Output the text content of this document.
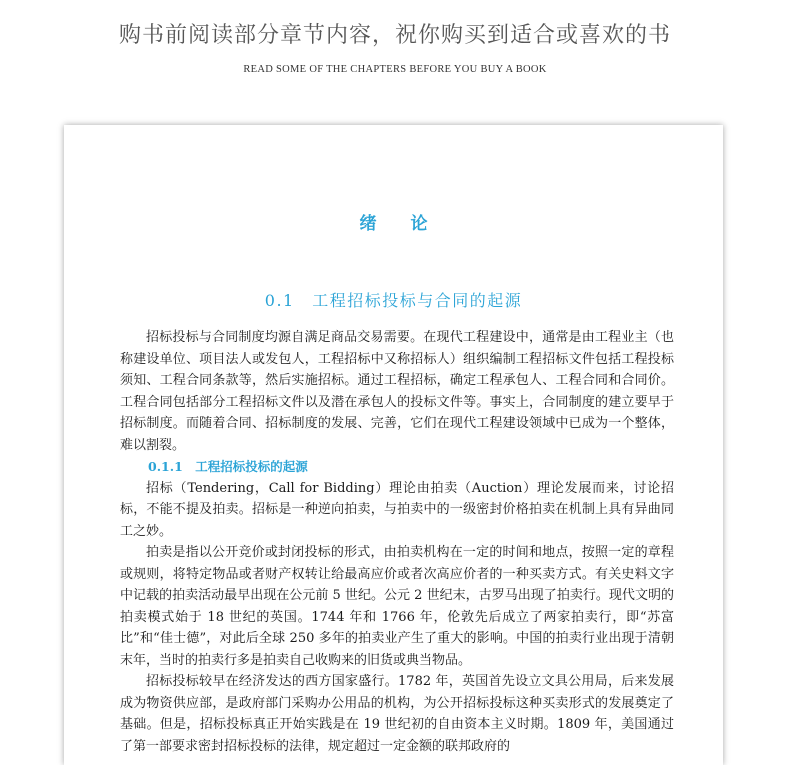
购书前阅读部分章节内容，祝你购买到适合或喜欢的书
READ SOME OF THE CHAPTERS BEFORE YOU BUY A BOOK
绪 论
0.1　工程招标投标与合同的起源

招标投标与合同制度均源自满足商品交易需要。在现代工程建设中，通常是由工程业主（也称建设单位、项目法人或发包人，工程招标中又称招标人）组织编制工程招标文件包括工程投标须知、工程合同条款等，然后实施招标。通过工程招标，确定工程承包人、工程合同和合同价。工程合同包括部分工程招标文件以及潜在承包人的投标文件等。事实上，合同制度的建立要早于招标制度。而随着合同、招标制度的发展、完善，它们在现代工程建设领域中已成为一个整体，难以割裂。

0.1.1　工程招标投标的起源

招标（Tendering，Call for Bidding）理论由拍卖（Auction）理论发展而来，讨论招标，不能不提及拍卖。招标是一种逆向拍卖，与拍卖中的一级密封价格拍卖在机制上具有异曲同工之妙。

拍卖是指以公开竞价或封闭投标的形式，由拍卖机构在一定的时间和地点，按照一定的章程或规则，将特定物品或者财产权转让给最高应价或者次高应价者的一种买卖方式。有关史料文字中记载的拍卖活动最早出现在公元前 5 世纪。公元 2 世纪末，古罗马出现了拍卖行。现代文明的拍卖模式始于 18 世纪的英国。1744 年和 1766 年，伦敦先后成立了两家拍卖行，即“苏富比”和“佳士德”，对此后全球 250 多年的拍卖业产生了重大的影响。中国的拍卖行业出现于清朝末年，当时的拍卖行多是拍卖自己收购来的旧货或典当物品。

招标投标较早在经济发达的西方国家盛行。1782 年，英国首先设立文具公用局，后来发展成为物资供应部，是政府部门采购办公用品的机构，为公开招标投标这种买卖形式的发展奠定了基础。但是，招标投标真正开始实践是在 19 世纪初的自由资本主义时期。1809 年，美国通过了第一部要求密封招标投标的法律，规定超过一定金额的联邦政府的
